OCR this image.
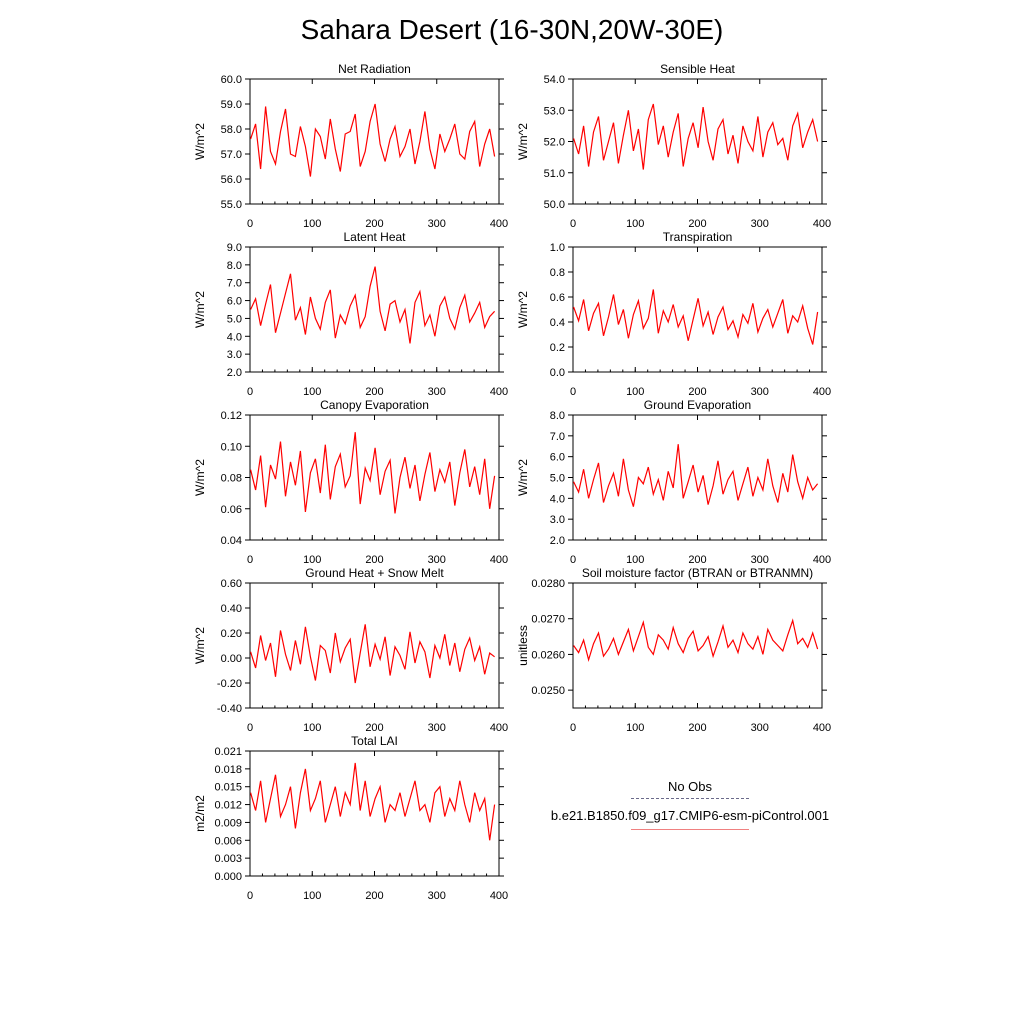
Sahara Desert (16-30N,20W-30E)
Net Radiation
W/m^2
0	100	200	300	400
55.0
56.0
57.0
58.0
59.0
60.0
Sensible Heat
W/m^2
0	100	200	300	400
50.0
51.0
52.0
53.0
54.0
Latent Heat
W/m^2
0	100	200	300	400
2.0
3.0
4.0
5.0
6.0
7.0
8.0
9.0
Transpiration
W/m^2
0	100	200	300	400
0.0
0.2
0.4
0.6
0.8
1.0
Canopy Evaporation
W/m^2
0	100	200	300	400
0.04
0.06
0.08
0.10
0.12
Ground Evaporation
W/m^2
0	100	200	300	400
2.0
3.0
4.0
5.0
6.0
7.0
8.0
Ground Heat + Snow Melt
W/m^2
0	100	200	300	400
-0.40
-0.20
0.00
0.20
0.40
0.60
Soil moisture factor (BTRAN or BTRANMN)
unitless
0	100	200	300	400
0.0250
0.0260
0.0270
0.0280
Total LAI
m2/m2
0	100	200	300	400
0.000
0.003
0.006
0.009
0.012
0.015
0.018
0.021
No Obs
b.e21.B1850.f09_g17.CMIP6-esm-piControl.001
